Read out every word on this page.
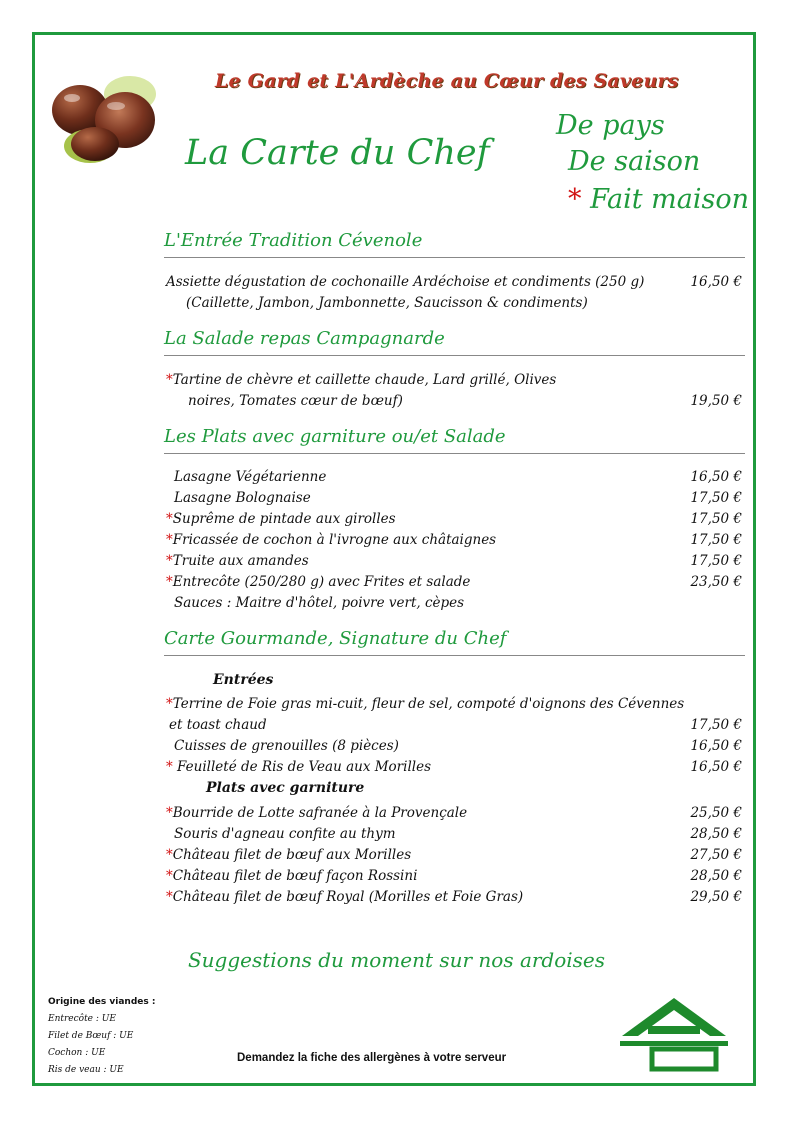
Le Gard et L'Ardèche au Cœur des Saveurs
La Carte du Chef
De pays
De saison
* Fait maison
L'Entrée Tradition Cévenole
Assiette dégustation de cochonaille Ardéchoise et condiments (250 g)	16,50 €
(Caillette, Jambon, Jambonnette, Saucisson & condiments)
La Salade repas Campagnarde
*Tartine de chèvre et caillette chaude, Lard grillé, Olives
noires, Tomates cœur de bœuf)	19,50 €
Les Plats avec garniture ou/et Salade
Lasagne Végétarienne	16,50 €
Lasagne Bolognaise	17,50 €
*Suprême de pintade aux girolles	17,50 €
*Fricassée de cochon à l'ivrogne aux châtaignes	17,50 €
*Truite aux amandes	17,50 €
*Entrecôte (250/280 g) avec Frites et salade	23,50 €
Sauces : Maitre d'hôtel, poivre vert, cèpes
Carte Gourmande, Signature du Chef
Entrées
*Terrine de Foie gras mi-cuit, fleur de sel, compoté d'oignons des Cévennes
et toast chaud	17,50 €
Cuisses de grenouilles (8 pièces)	16,50 €
* Feuilleté de Ris de Veau aux Morilles	16,50 €
Plats avec garniture
*Bourride de Lotte safranée à la Provençale	25,50 €
Souris d'agneau confite au thym	28,50 €
*Château filet de bœuf aux Morilles	27,50 €
*Château filet de bœuf façon Rossini	28,50 €
*Château filet de bœuf Royal (Morilles et Foie Gras)	29,50 €
Suggestions du moment sur nos ardoises
Origine des viandes :
Entrecôte : UE
Filet de Bœuf : UE
Cochon : UE
Ris de veau : UE
Demandez la fiche des allergènes à votre serveur
